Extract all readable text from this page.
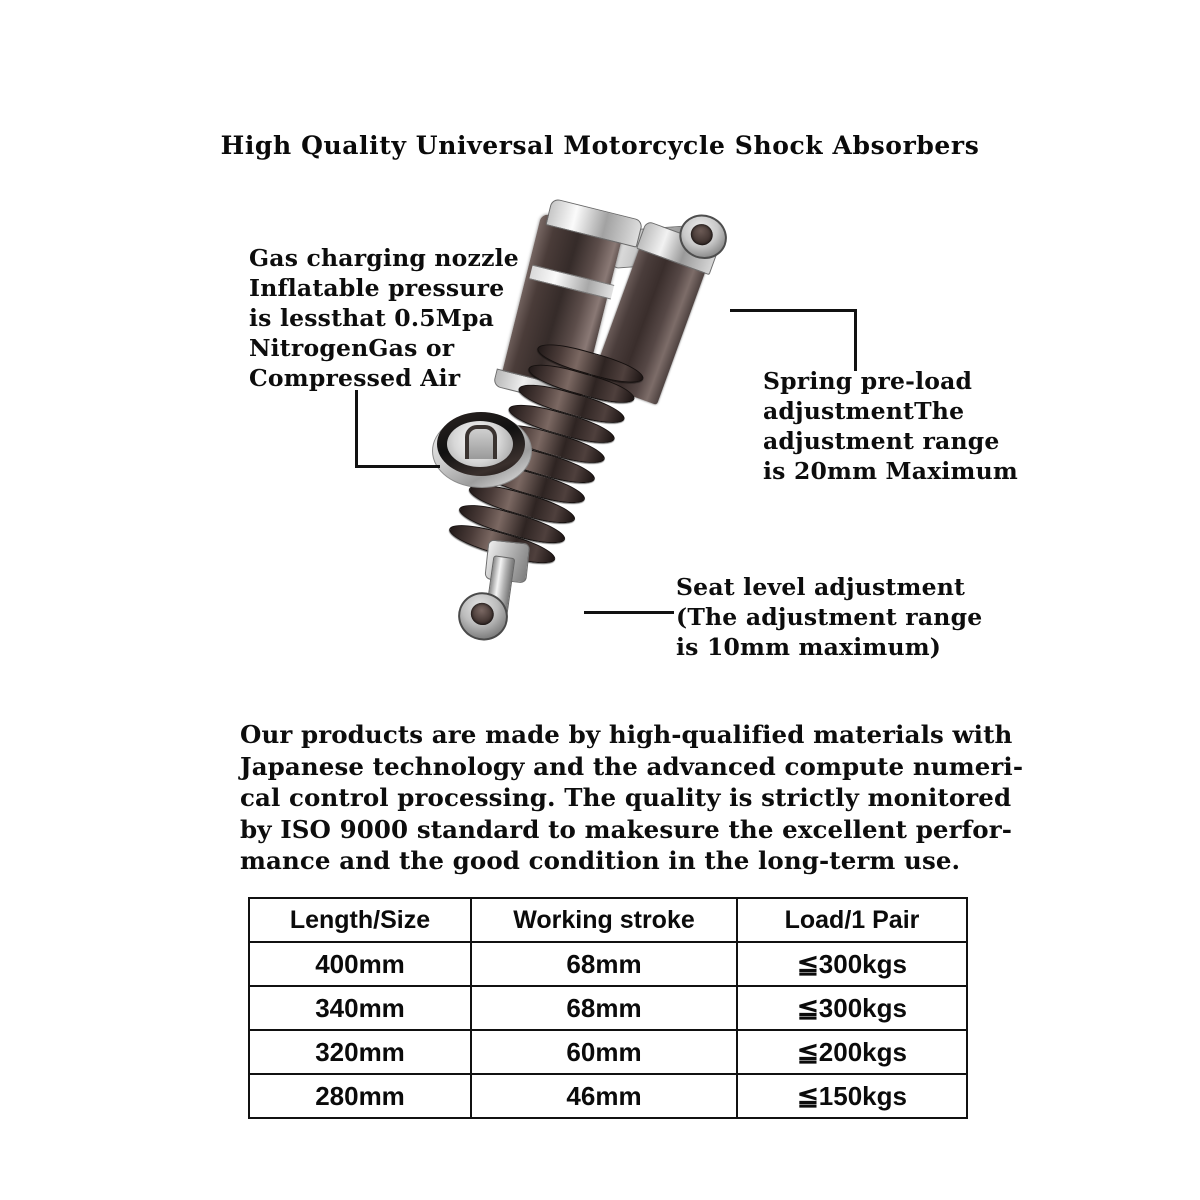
High Quality Universal Motorcycle Shock Absorbers
Gas charging nozzle
Inflatable pressure
is lessthat 0.5Mpa
NitrogenGas or
Compressed Air	Spring pre-load
adjustmentThe
adjustment range
is 20mm Maximum
Seat level adjustment
(The adjustment range
is 10mm maximum)
Our products are made by high-qualified materials with
Japanese technology and the advanced compute numeri-
cal control processing. The quality is strictly monitored
by ISO 9000 standard to makesure the excellent perfor-
mance and the good condition in the long-term use.
Length/Size	Working stroke	Load/1 Pair
400mm	68mm	≦300kgs
340mm	68mm	≦300kgs
320mm	60mm	≦200kgs
280mm	46mm	≦150kgs
